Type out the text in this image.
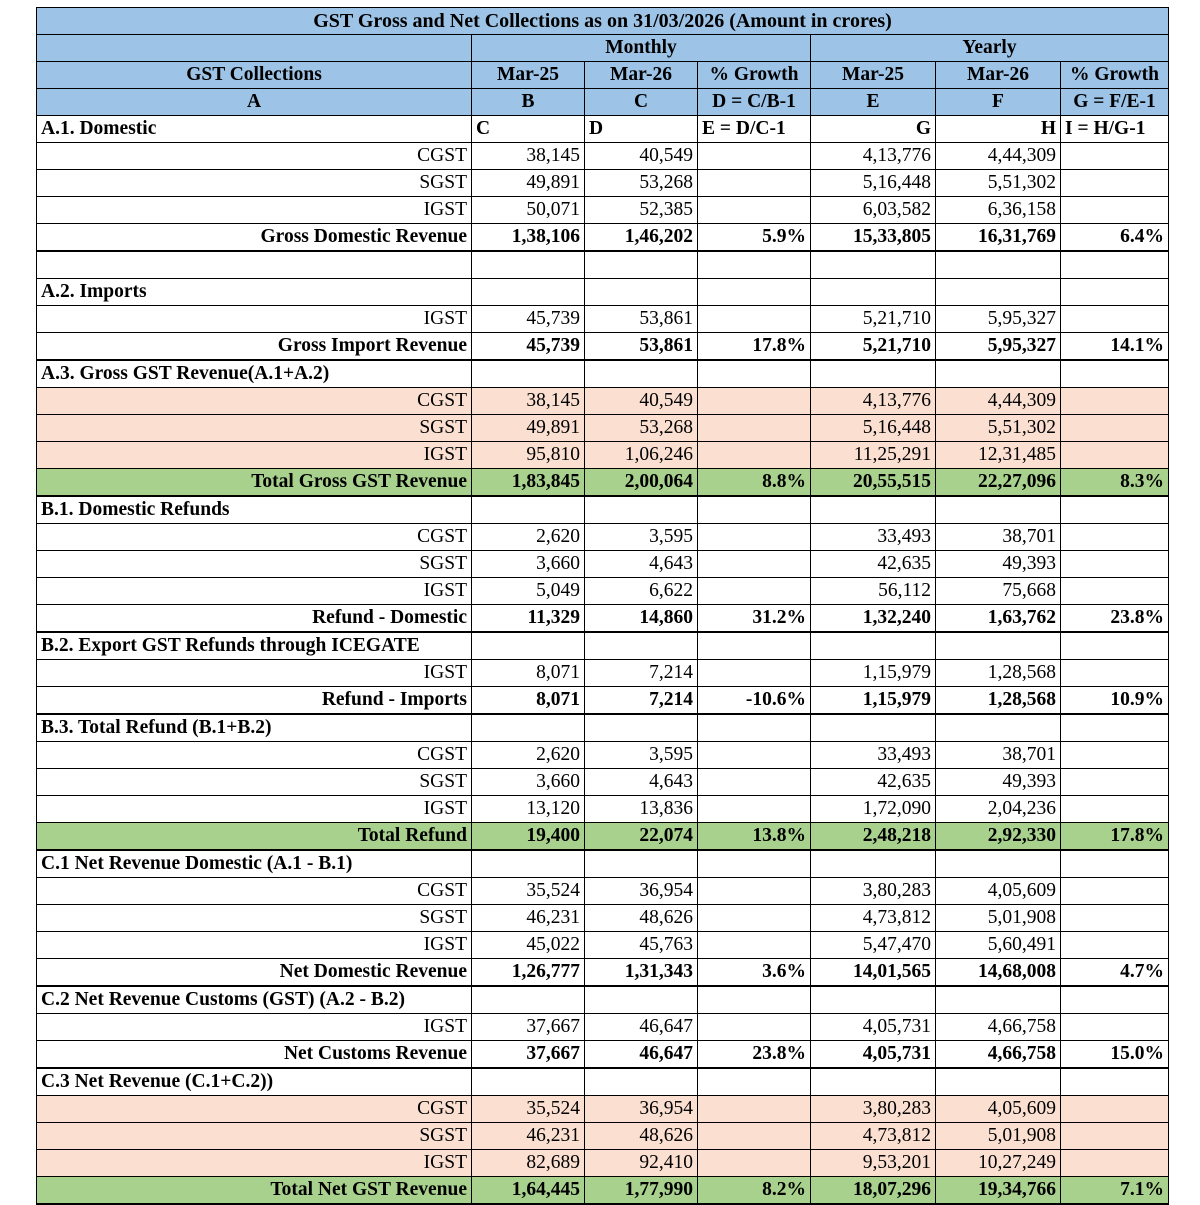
GST Gross and Net Collections as on 31/03/2026 (Amount in crores)						
	Monthly			Yearly		
GST Collections	Mar-25	Mar-26	% Growth	Mar-25	Mar-26	% Growth
A	B	C	D = C/B-1	E	F	G = F/E-1
A.1. Domestic	C	D	E = D/C-1	G	H	I = H/G-1
CGST	38,145	40,549		4,13,776	4,44,309	
SGST	49,891	53,268		5,16,448	5,51,302	
IGST	50,071	52,385		6,03,582	6,36,158	
Gross Domestic Revenue	1,38,106	1,46,202	5.9%	15,33,805	16,31,769	6.4%

A.2. Imports						
IGST	45,739	53,861		5,21,710	5,95,327	
Gross Import Revenue	45,739	53,861	17.8%	5,21,710	5,95,327	14.1%
A.3. Gross GST Revenue(A.1+A.2)						
CGST	38,145	40,549		4,13,776	4,44,309	
SGST	49,891	53,268		5,16,448	5,51,302	
IGST	95,810	1,06,246		11,25,291	12,31,485	
Total Gross GST Revenue	1,83,845	2,00,064	8.8%	20,55,515	22,27,096	8.3%
B.1. Domestic Refunds						
CGST	2,620	3,595		33,493	38,701	
SGST	3,660	4,643		42,635	49,393	
IGST	5,049	6,622		56,112	75,668	
Refund - Domestic	11,329	14,860	31.2%	1,32,240	1,63,762	23.8%
B.2. Export GST Refunds through ICEGATE						
IGST	8,071	7,214		1,15,979	1,28,568	
Refund - Imports	8,071	7,214	-10.6%	1,15,979	1,28,568	10.9%
B.3. Total Refund (B.1+B.2)						
CGST	2,620	3,595		33,493	38,701	
SGST	3,660	4,643		42,635	49,393	
IGST	13,120	13,836		1,72,090	2,04,236	
Total Refund	19,400	22,074	13.8%	2,48,218	2,92,330	17.8%
C.1 Net Revenue Domestic (A.1 - B.1)						
CGST	35,524	36,954		3,80,283	4,05,609	
SGST	46,231	48,626		4,73,812	5,01,908	
IGST	45,022	45,763		5,47,470	5,60,491	
Net Domestic Revenue	1,26,777	1,31,343	3.6%	14,01,565	14,68,008	4.7%
C.2 Net Revenue Customs (GST) (A.2 - B.2)						
IGST	37,667	46,647		4,05,731	4,66,758	
Net Customs Revenue	37,667	46,647	23.8%	4,05,731	4,66,758	15.0%
C.3 Net Revenue (C.1+C.2))						
CGST	35,524	36,954		3,80,283	4,05,609	
SGST	46,231	48,626		4,73,812	5,01,908	
IGST	82,689	92,410		9,53,201	10,27,249	
Total Net GST Revenue	1,64,445	1,77,990	8.2%	18,07,296	19,34,766	7.1%
